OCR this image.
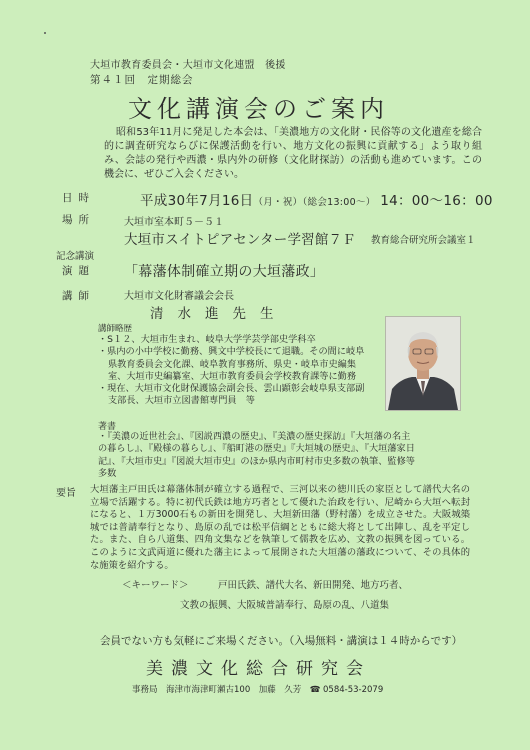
大垣市教育委員会・大垣市文化連盟　後援
第４１回　定期総会
文化講演会のご案内
昭和53年11月に発足した本会は、「美濃地方の文化財・民俗等の文化遺産を総合的に調査研究ならびに保護活動を行い、地方文化の振興に貢献する」よう取り組み、会誌の発行や西濃・県内外の研修（文化財探訪）の活動も進めています。この機会に、ぜひご入会ください。
日時	平成30年7月16日（月・祝）（総会13:00～） 14：00～16：00
場所	大垣市室本町５－５１
大垣市スイトピアセンター学習館７Ｆ 教育総合研究所会議室１
記念講演
演題 「幕藩体制確立期の大垣藩政」
講師	大垣市文化財審議会会長
清水進先生
講師略歴
・S１２、大垣市生まれ、岐阜大学学芸学部史学科卒
・県内の小中学校に勤務、興文中学校長にて退職。その間に岐阜県教育委員会文化課、岐阜教育事務所、県史・岐阜市史編集室、大垣市史編纂室、大垣市教育委員会学校教育課等に勤務
・現在、大垣市文化財保護協会副会長、雲山顕彰会岐阜県支部副支部長、大垣市立図書館専門員　等
著書
・『美濃の近世社会』、『図説西濃の歴史』、『美濃の歴史探訪』『大垣藩の名主の暮らし』、『殿様の暮らし』、『船町港の歴史』『大垣城の歴史』、『大垣藩家日記』、『大垣市史』『図説大垣市史』のほか県内市町村市史多数の執筆、監修等多数
要旨 大垣藩主戸田氏は幕藩体制が確立する過程で、三河以来の徳川氏の家臣として譜代大名の立場で活躍する。特に初代氏鉄は地方巧者として優れた治政を行い、尼崎から大垣へ転封になると、１万3000石もの新田を開発し、大垣新田藩（野村藩）を成立させた。大阪城築城では普請奉行となり、島原の乱では松平信綱とともに総大将として出陣し、乱を平定した。また、自ら八道集、四角文集などを執筆して儒教を広め、文教の振興を図っている。このように文武両道に優れた藩主によって展開された大垣藩の藩政について、その具体的な施策を紹介する。
＜キーワード＞	戸田氏鉄、譜代大名、新田開発、地方巧者、
文教の振興、大阪城普請奉行、島原の乱、八道集
会員でない方も気軽にご来場ください。（入場無料・講演は１４時からです）
美濃文化総合研究会
事務局　海津市海津町瀬古100　加藤　久芳　☎ 0584-53-2079
